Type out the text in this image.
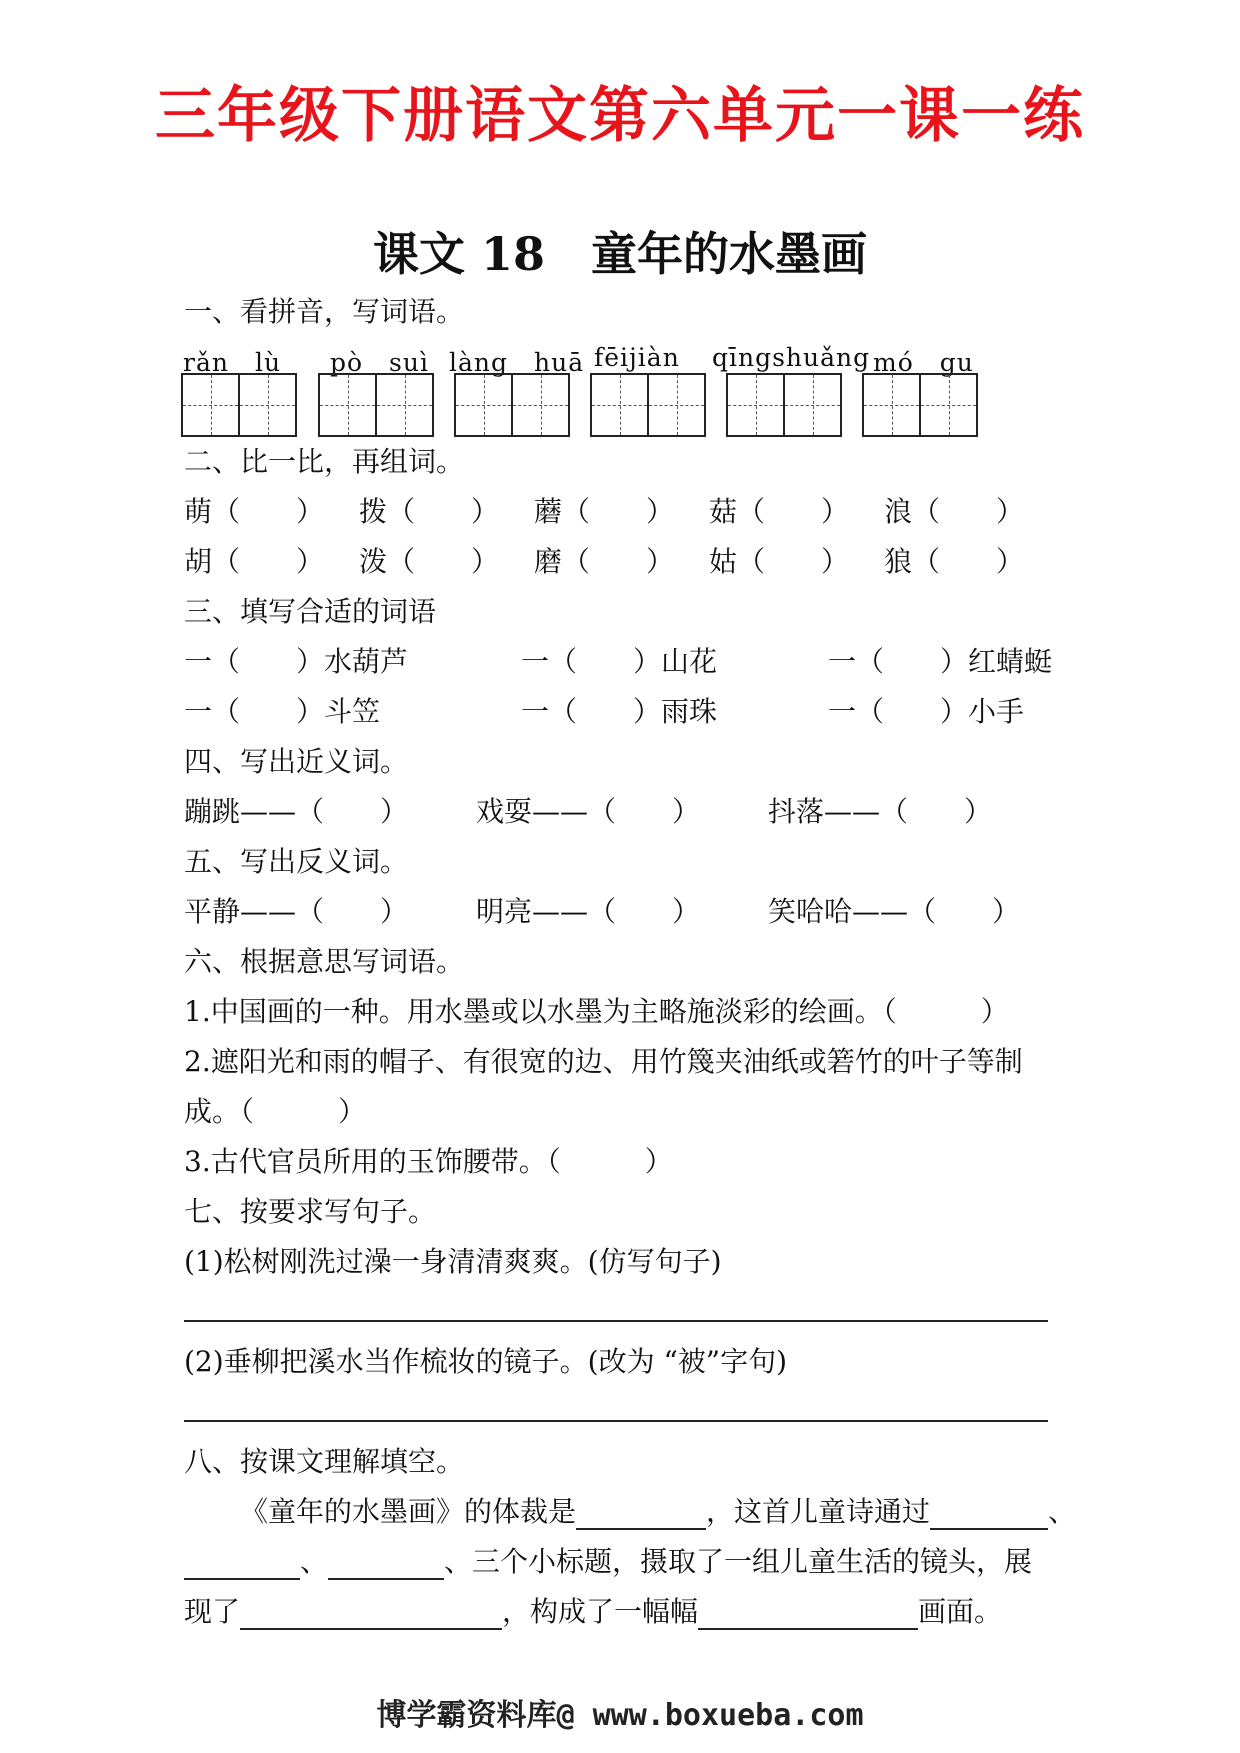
三年级下册语文第六单元一课一练
课文 18　童年的水墨画
一、看拼音，写词语。
rǎn　lù pò　suì làng　huā fēijiàn qīngshuǎng mó　gu
二、比一比，再组词。
萌（　　） 拨（　　） 蘑（　　） 菇（　　） 浪（　　）
胡（　　） 泼（　　） 磨（　　） 姑（　　） 狼（　　）
三、填写合适的词语
一（　　）水葫芦	一（　　）山花	一（　　）红蜻蜓
一（　　）斗笠	一（　　）雨珠	一（　　）小手
四、写出近义词。
蹦跳——（　　） 戏耍——（　　） 抖落——（　　）
五、写出反义词。
平静——（　　） 明亮——（　　） 笑哈哈——（　　）
六、根据意思写词语。
1.中国画的一种。用水墨或以水墨为主略施淡彩的绘画。（　　　）
2.遮阳光和雨的帽子、有很宽的边、用竹篾夹油纸或箬竹的叶子等制
成。（　　　）
3.古代官员所用的玉饰腰带。（　　　）
七、按要求写句子。
(1)松树刚洗过澡一身清清爽爽。(仿写句子)
(2)垂柳把溪水当作梳妆的镜子。(改为 “被”字句)
八、按课文理解填空。
《童年的水墨画》的体裁是	，这首儿童诗通过	、
、	、三个小标题，摄取了一组儿童生活的镜头，展
现了	，构成了一幅幅	画面。
博学霸资料库@ www.boxueba.com
